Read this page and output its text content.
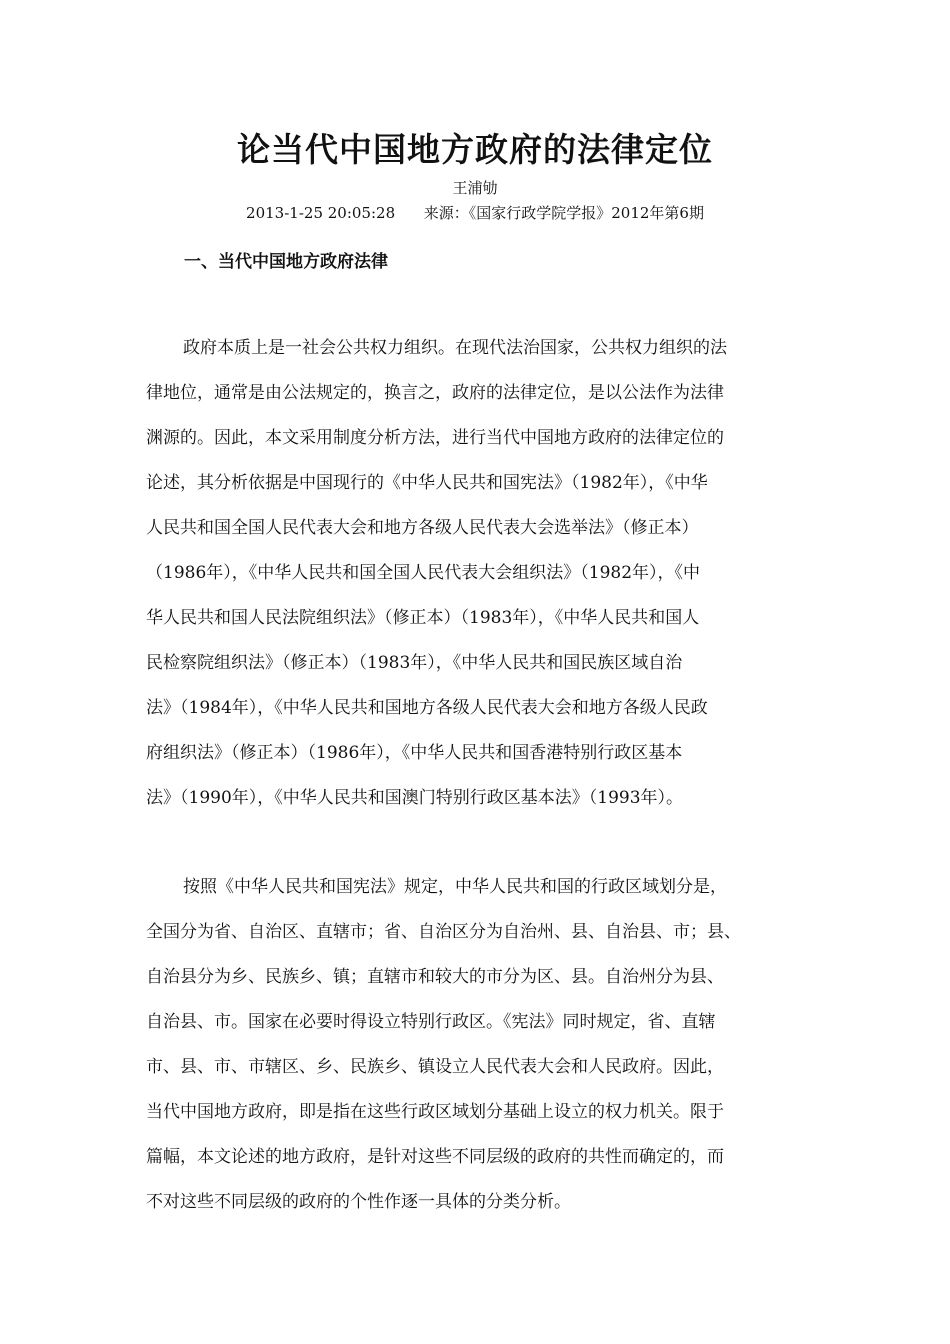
论当代中国地方政府的法律定位
王浦劬
2013-1-25 20:05:28      来源：《国家行政学院学报》2012年第6期
一、当代中国地方政府法律
政府本质上是一社会公共权力组织。在现代法治国家，公共权力组织的法
律地位，通常是由公法规定的，换言之，政府的法律定位，是以公法作为法律
渊源的。因此，本文采用制度分析方法，进行当代中国地方政府的法律定位的
论述，其分析依据是中国现行的《中华人民共和国宪法》（1982年），《中华
人民共和国全国人民代表大会和地方各级人民代表大会选举法》（修正本）
（1986年），《中华人民共和国全国人民代表大会组织法》（1982年），《中
华人民共和国人民法院组织法》（修正本）（1983年），《中华人民共和国人
民检察院组织法》（修正本）（1983年），《中华人民共和国民族区域自治
法》（1984年），《中华人民共和国地方各级人民代表大会和地方各级人民政
府组织法》（修正本）（1986年），《中华人民共和国香港特别行政区基本
法》（1990年），《中华人民共和国澳门特别行政区基本法》（1993年）。
按照《中华人民共和国宪法》规定，中华人民共和国的行政区域划分是，
全国分为省、自治区、直辖市；省、自治区分为自治州、县、自治县、市；县、
自治县分为乡、民族乡、镇；直辖市和较大的市分为区、县。自治州分为县、
自治县、市。国家在必要时得设立特别行政区。《宪法》同时规定，省、直辖
市、县、市、市辖区、乡、民族乡、镇设立人民代表大会和人民政府。因此，
当代中国地方政府，即是指在这些行政区域划分基础上设立的权力机关。限于
篇幅，本文论述的地方政府，是针对这些不同层级的政府的共性而确定的，而
不对这些不同层级的政府的个性作逐一具体的分类分析。
